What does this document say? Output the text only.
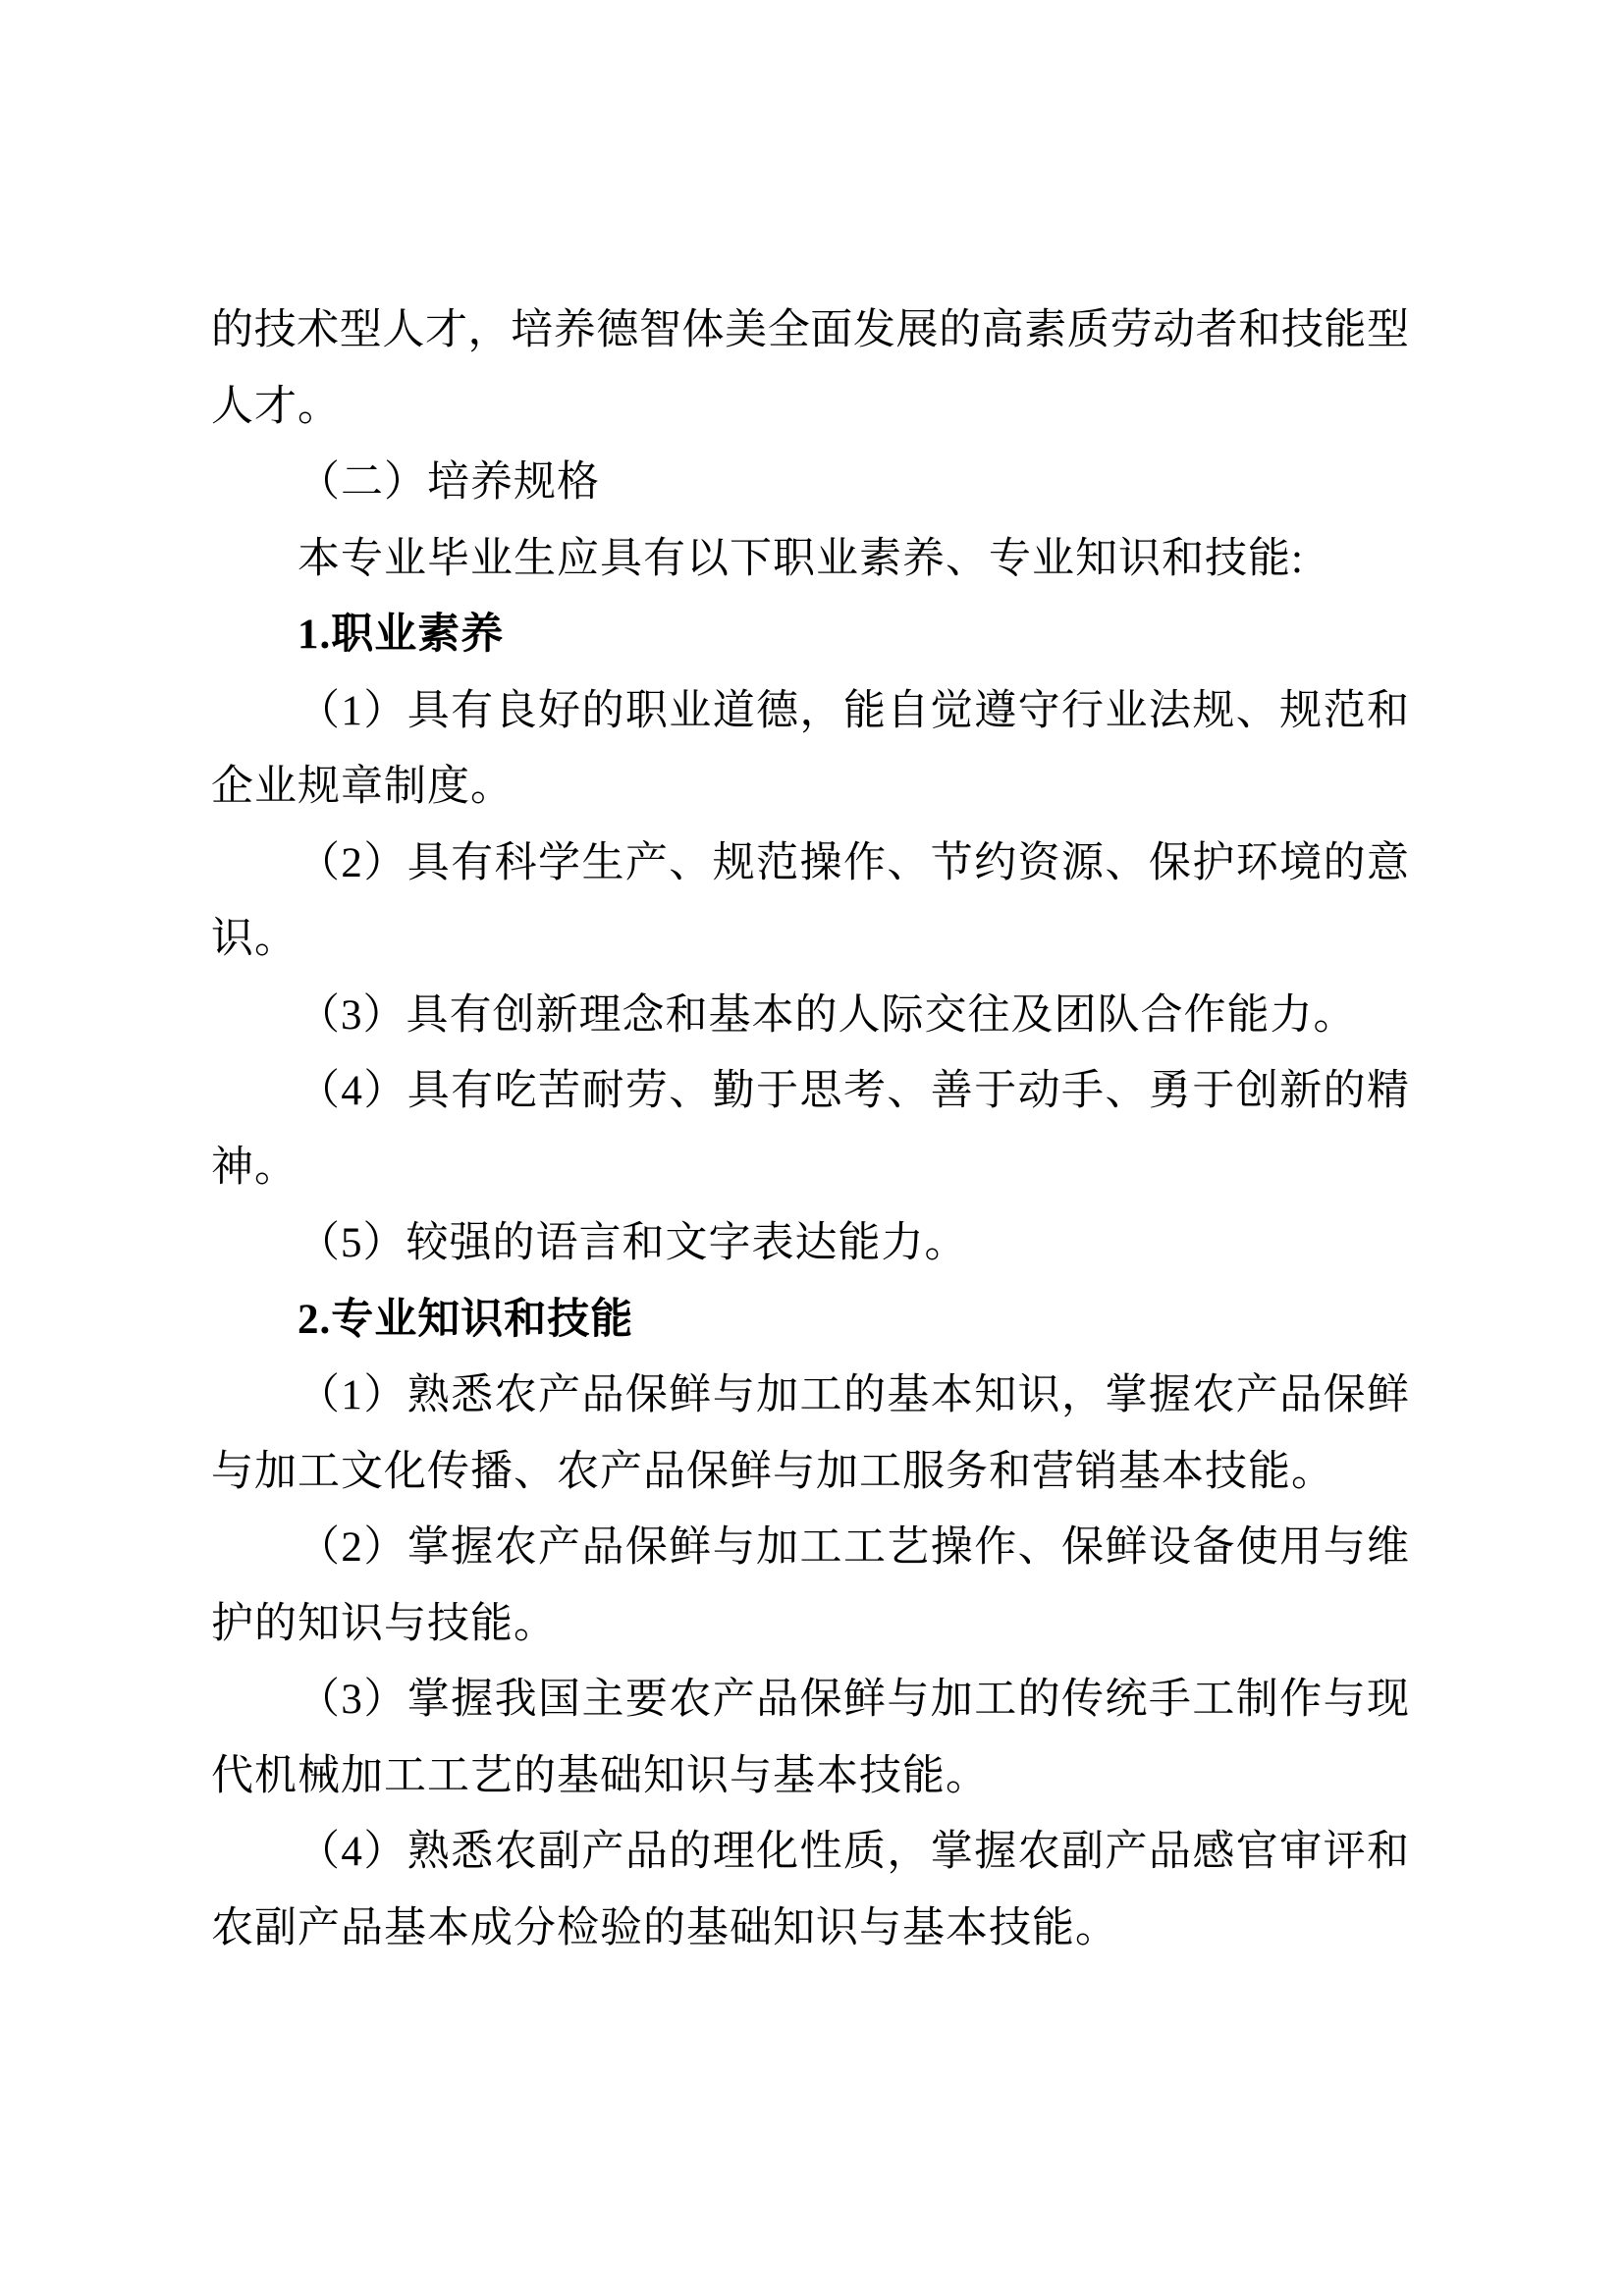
的技术型人才，培养德智体美全面发展的高素质劳动者和技能型
人才。
（二）培养规格
本专业毕业生应具有以下职业素养、专业知识和技能:
1.职业素养
（1）具有良好的职业道德，能自觉遵守行业法规、规范和
企业规章制度。
（2）具有科学生产、规范操作、节约资源、保护环境的意
识。
（3）具有创新理念和基本的人际交往及团队合作能力。
（4）具有吃苦耐劳、勤于思考、善于动手、勇于创新的精
神。
（5）较强的语言和文字表达能力。
2.专业知识和技能
（1）熟悉农产品保鲜与加工的基本知识，掌握农产品保鲜
与加工文化传播、农产品保鲜与加工服务和营销基本技能。
（2）掌握农产品保鲜与加工工艺操作、保鲜设备使用与维
护的知识与技能。
（3）掌握我国主要农产品保鲜与加工的传统手工制作与现
代机械加工工艺的基础知识与基本技能。
（4）熟悉农副产品的理化性质，掌握农副产品感官审评和
农副产品基本成分检验的基础知识与基本技能。
